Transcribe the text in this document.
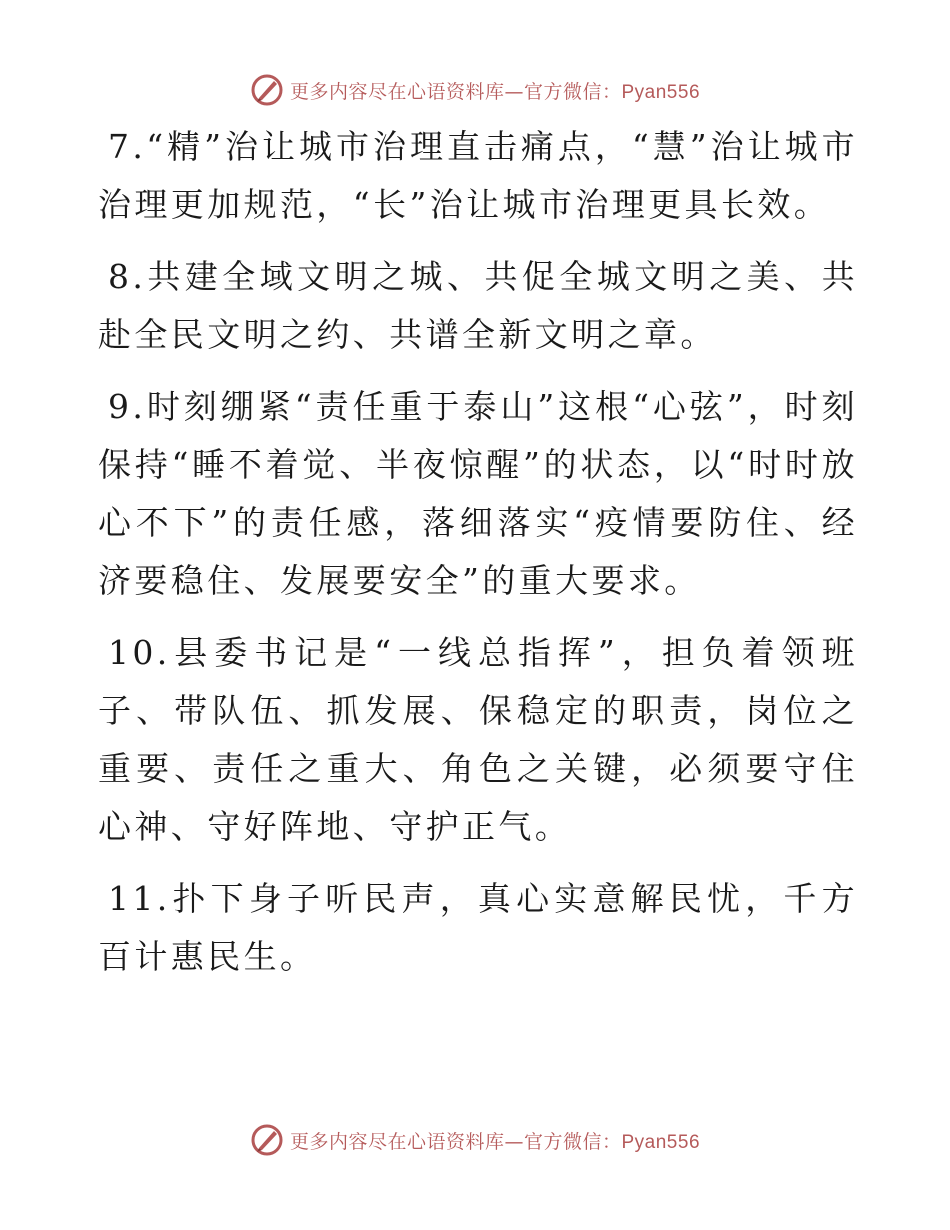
更多内容尽在心语资料库—官方微信：Pyan556

7.“精”治让城市治理直击痛点，“慧”治让城市治理更加规范，“长”治让城市治理更具长效。

8.共建全域文明之城、共促全城文明之美、共赴全民文明之约、共谱全新文明之章。

9.时刻绷紧“责任重于泰山”这根“心弦”，时刻保持“睡不着觉、半夜惊醒”的状态，以“时时放心不下”的责任感，落细落实“疫情要防住、经济要稳住、发展要安全”的重大要求。

10.县委书记是“一线总指挥”，担负着领班子、带队伍、抓发展、保稳定的职责，岗位之重要、责任之重大、角色之关键，必须要守住心神、守好阵地、守护正气。

11.扑下身子听民声，真心实意解民忧，千方百计惠民生。

更多内容尽在心语资料库—官方微信：Pyan556
